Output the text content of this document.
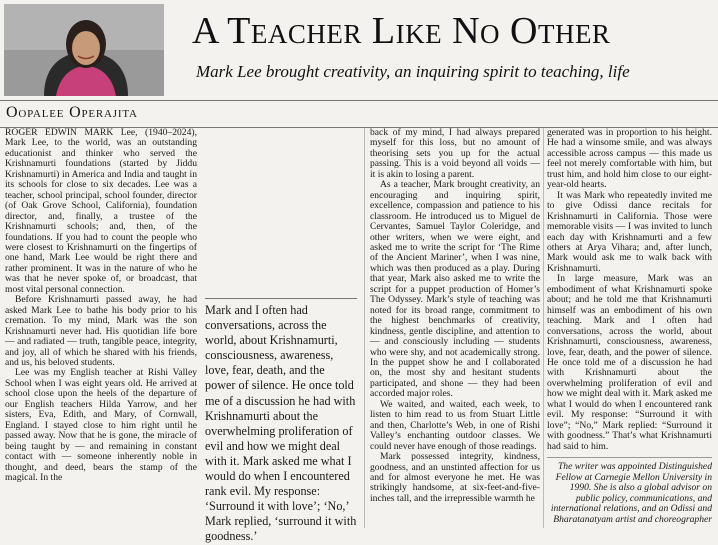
A Teacher Like No Other
Mark Lee brought creativity, an inquiring spirit to teaching, life
Oopalee Operajita

ROGER EDWIN MARK Lee, (1940–2024), Mark Lee, to the world, was an outstanding educationist and thinker who served the Krishnamurti foundations (started by Jiddu Krishnamurti) in America and India and taught in its schools for close to six decades. Lee was a teacher, school principal, school founder, director (of Oak Grove School, California), foundation director, and, finally, a trustee of the Krishnamurti schools; and, then, of the foundations. If you had to count the people who were closest to Krishnamurti on the fingertips of one hand, Mark Lee would be right there and rather prominent. It was in the nature of who he was that he never spoke of, or broadcast, that most vital personal connection.

Before Krishnamurti passed away, he had asked Mark Lee to bathe his body prior to his cremation. To my mind, Mark was the son Krishnamurti never had. His quotidian life bore — and radiated — truth, tangible peace, integrity, and joy, all of which he shared with his friends, and us, his beloved students.

Lee was my English teacher at Rishi Valley School when I was eight years old. He arrived at school close upon the heels of the departure of our English teachers Hilda Yarrow, and her sisters, Eva, Edith, and Mary, of Cornwall, England. I stayed close to him right until he passed away. Now that he is gone, the miracle of being taught by — and remaining in constant contact with — someone inherently noble in thought, and deed, bears the stamp of the magical. In the

Mark and I often had conversations, across the world, about Krishnamurti, consciousness, awareness, love, fear, death, and the power of silence. He once told me of a discussion he had with Krishnamurti about the overwhelming proliferation of evil and how we might deal with it. Mark asked me what I would do when I encountered rank evil. My response: ‘Surround it with love’; ‘No,’ Mark replied, ‘surround it with goodness.’

back of my mind, I had always prepared myself for this loss, but no amount of theorising sets you up for the actual passing. This is a void beyond all voids — it is akin to losing a parent.

As a teacher, Mark brought creativity, an encouraging and inquiring spirit, excellence, compassion and patience to his classroom. He introduced us to Miguel de Cervantes, Samuel Taylor Coleridge, and other writers, when we were eight, and asked me to write the script for ‘The Rime of the Ancient Mariner’, when I was nine, which was then produced as a play. During that year, Mark also asked me to write the script for a puppet production of Homer’s The Odyssey. Mark’s style of teaching was noted for its broad range, commitment to the highest benchmarks of creativity, kindness, gentle discipline, and attention to — and consciously including — students who were shy, and not academically strong. In the puppet show he and I collaborated on, the most shy and hesitant students participated, and shone — they had been accorded major roles.

We waited, and waited, each week, to listen to him read to us from Stuart Little and then, Charlotte’s Web, in one of Rishi Valley’s enchanting outdoor classes. We could never have enough of those readings.

Mark possessed integrity, kindness, goodness, and an unstinted affection for us and for almost everyone he met. He was strikingly handsome, at six-feet-and-five-inches tall, and the irrepressible warmth he

generated was in proportion to his height. He had a winsome smile, and was always accessible across campus — this made us feel not merely comfortable with him, but trust him, and hold him close to our eight-year-old hearts.

It was Mark who repeatedly invited me to give Odissi dance recitals for Krishnamurti in California. Those were memorable visits — I was invited to lunch each day with Krishnamurti and a few others at Arya Vihara; and, after lunch, Mark would ask me to walk back with Krishnamurti.

In large measure, Mark was an embodiment of what Krishnamurti spoke about; and he told me that Krishnamurti himself was an embodiment of his own teaching. Mark and I often had conversations, across the world, about Krishnamurti, consciousness, awareness, love, fear, death, and the power of silence. He once told me of a discussion he had with Krishnamurti about the overwhelming proliferation of evil and how we might deal with it. Mark asked me what I would do when I encountered rank evil. My response: “Surround it with love”; “No,” Mark replied: “Surround it with goodness.” That’s what Krishnamurti had said to him.

The writer was appointed Distinguished Fellow at Carnegie Mellon University in 1990. She is also a global advisor on public policy, communications, and international relations, and an Odissi and Bharatanatyam artist and choreographer
